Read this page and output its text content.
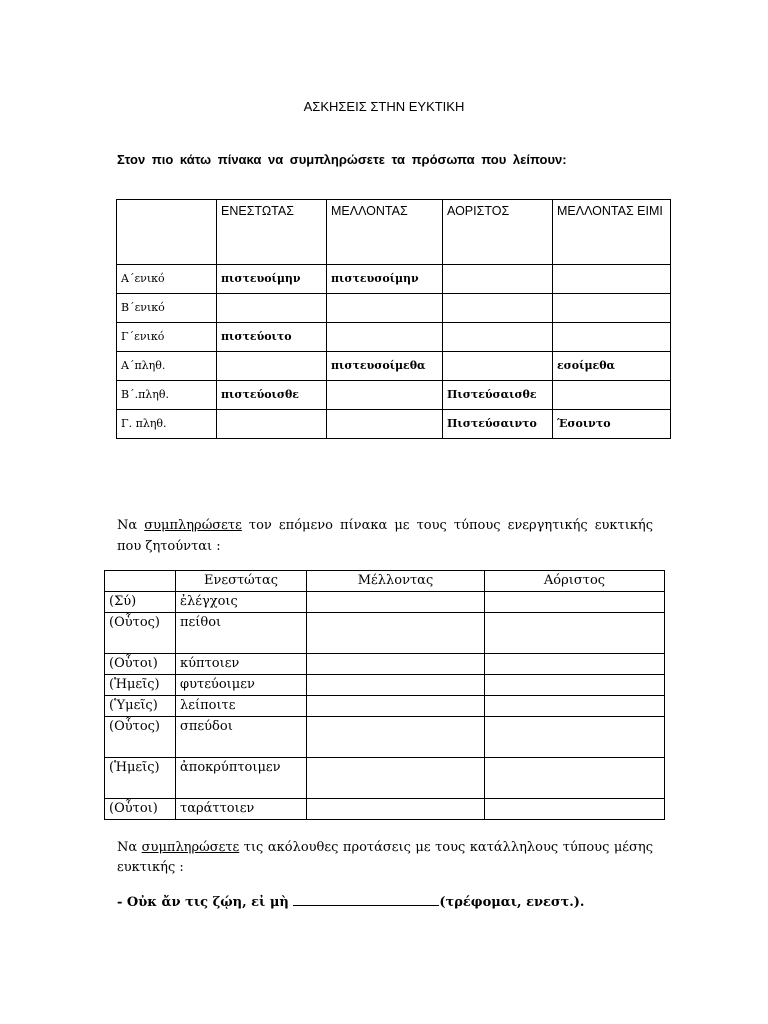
ΑΣΚΗΣΕΙΣ ΣΤΗΝ ΕΥΚΤΙΚΗ
Στον πιο κάτω πίνακα να συμπληρώσετε τα πρόσωπα που λείπουν:
	ΕΝΕΣΤΩΤΑΣ	ΜΕΛΛΟΝΤΑΣ	ΑΟΡΙΣΤΟΣ	ΜΕΛΛΟΝΤΑΣ ΕΙΜΙ
Α΄ενικό	πιστευοίμην	πιστευσοίμην		
Β΄ενικό				
Γ΄ενικό	πιστεύοιτο			
Α΄πληθ.		πιστευσοίμεθα		εσοίμεθα
Β΄.πληθ.	πιστεύοισθε		Πιστεύσαισθε	
Γ. πληθ.			Πιστεύσαιντο	Έσοιντο
Να συμπληρώσετε τον επόμενο πίνακα με τους τύπους ενεργητικής ευκτικής που ζητούνται :
	Ενεστώτας	Μέλλοντας	Αόριστος
(Σύ)	ἐλέγχοις		
(Οὗτος)	πείθοι		
(Οὗτοι)	κύπτοιεν		
(Ἡμεῖς)	φυτεύοιμεν		
(Ὑμεῖς)	λείποιτε		
(Οὗτος)	σπεύδοι		
(Ἡμεῖς)	ἀποκρύπτοιμεν		
(Οὗτοι)	ταράττοιεν		
Να συμπληρώσετε τις ακόλουθες προτάσεις με τους κατάλληλους τύπους μέσης ευκτικής :
- Οὐκ ἄν τις ζῴη, εἰ μὴ	(τρέφομαι, ενεστ.).
